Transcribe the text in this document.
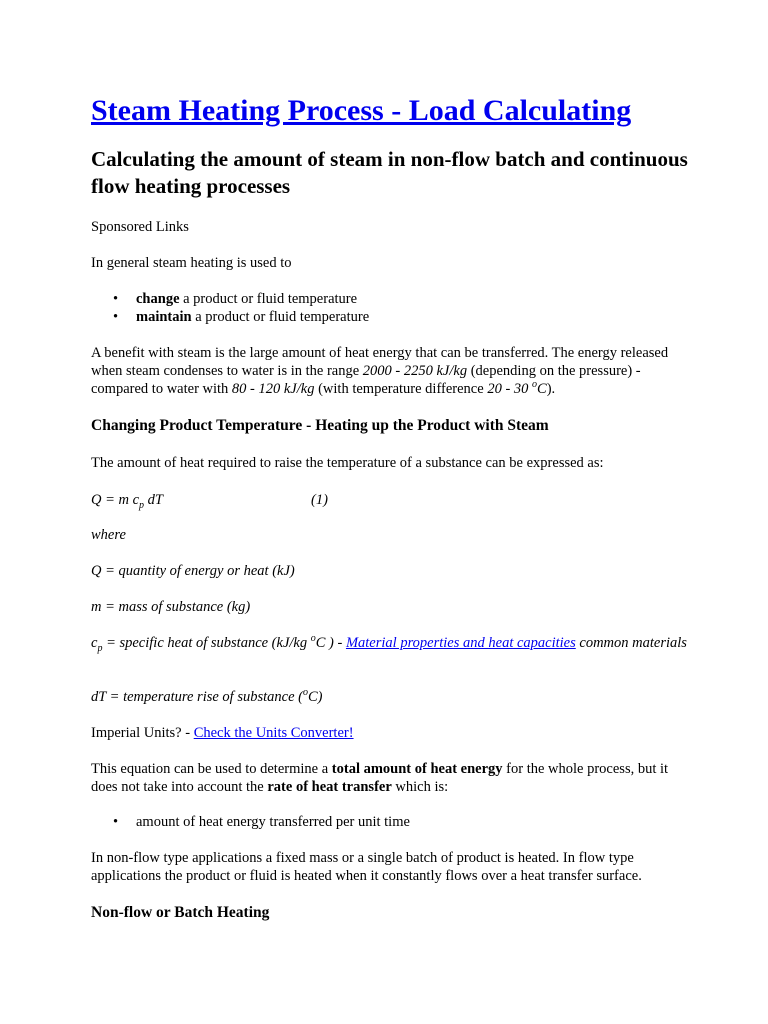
Steam Heating Process - Load Calculating
Calculating the amount of steam in non-flow batch and continuous flow heating processes

Sponsored Links

In general steam heating is used to

• change a product or fluid temperature
• maintain a product or fluid temperature

A benefit with steam is the large amount of heat energy that can be transferred. The energy released when steam condenses to water is in the range 2000 - 2250 kJ/kg (depending on the pressure) - compared to water with 80 - 120 kJ/kg (with temperature difference 20 - 30 $^o$C).

Changing Product Temperature - Heating up the Product with Steam

The amount of heat required to raise the temperature of a substance can be expressed as:

Q = m $c_p$ dT	(1)

where

Q = quantity of energy or heat (kJ)

m = mass of substance (kg)

$c_p$ = specific heat of substance (kJ/kg $^o$C ) - Material properties and heat capacities common materials

dT = temperature rise of substance ($^o$C)

Imperial Units? - Check the Units Converter!

This equation can be used to determine a total amount of heat energy for the whole process, but it does not take into account the rate of heat transfer which is:

• amount of heat energy transferred per unit time

In non-flow type applications a fixed mass or a single batch of product is heated. In flow type applications the product or fluid is heated when it constantly flows over a heat transfer surface.

Non-flow or Batch Heating
